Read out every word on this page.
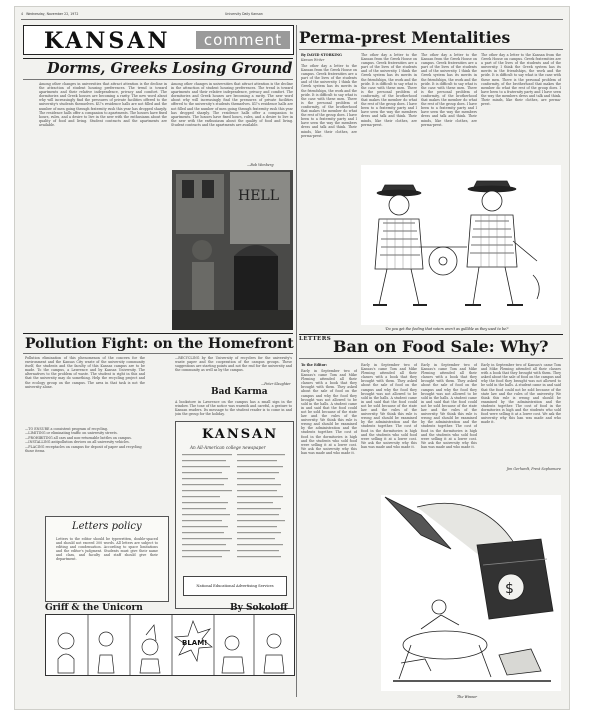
4 Wednesday, November 22, 1972	University Daily Kansan
KANSAN	comment
Dorms, Greeks Losing Ground
Among other changes in universities that attract attention is the decline in the attraction of student housing preferences. The trend is toward apartments and their relative independence, privacy and comfort. The dormitories and Greek houses are becoming a rarity. The new word about why will increasingly find the pressures of private facilities offered to the university's students themselves. KU's residence halls are not filled and the number of men going through fraternity rush this year has dropped sharply. The residence halls offer a companion to apartments. The houses have fixed hours, rules, and a desire to live in the new with the enthusiasm about the quality of food and living. Student contracts and the apartments are available.
Among other changes in universities that attract attention is the decline in the attraction of student housing preferences. The trend is toward apartments and their relative independence, privacy and comfort. The dormitories and Greek houses are becoming a rarity. The new word about why will increasingly find the pressures of private facilities offered to the university's students themselves. KU's residence halls are not filled and the number of men going through fraternity rush this year has dropped sharply. The residence halls offer a companion to apartments. The houses have fixed hours, rules, and a desire to live in the new with the enthusiasm about the quality of food and living. Student contracts and the apartments are available.
—Bob Wenberg
HELL
Pollution Fight: on the Homefront
Pollution elimination of this phenomenon of the concern for the environment and the Kansas City waste of the university community itself, the students and the faculty of this Kansas campus are to be made. To the campus, a Lawrence and by Kansas University. The alternatives to the problem of waste. The student is right in this and that the university may do something. Help the recycling project and the ecology group on the campus. The area in that task is not the university alone.
—RECYCLING by the University of recyclers for the university's waste paper and the cooperation of the campus groups. These suggestions are starting points and not the end for the university and the community as well as by the campus.
—TO ENSURE a consistent program of recycling.
—LIMITING or eliminating traffic on university streets.
—PROHIBITING all cars and non-returnable bottles on campus.
—INSTALLING antipollution devices on all university vehicles.
—PLACING receptacles on campus for deposit of paper and recycling those items.
—Peter Slaughter
Bad Karma
A bookstore in Lawrence on the campus has a small sign in the window. The tone of the notice was warmth and careful, a gesture to Kansan readers. Its message to the student reader is to come in and join the group for the holiday.
KANSAN
An All-American college newspaper
National Educational Advertising Services
Letters policy
Letters to the editor should be typewritten, double-spaced and should not exceed 300 words. All letters are subject to editing and condensation. According to space limitations and the editor's judgment. Students must give their name and class, and faculty and staff should give their department.
Griff & the Unicorn	By Sokoloff
BLAM!
Perma-prest Mentalities
By DAVID STORKING
Kansan Writer
The other day a letter to the Kansan from the Greek House on campus. Greek fraternities are a part of the lives of the students and of the university. I think the Greek system has its merits in the friendships, the work and the pride. It is difficult to say what is the case with these men. There is the personal problem of conformity, of the brotherhood that makes the member do what the rest of the group does. I have been to a fraternity party and I have seen the way the members dress and talk and think. Their minds, like their clothes, are perma-prest.
The other day a letter to the Kansan from the Greek House on campus. Greek fraternities are a part of the lives of the students and of the university. I think the Greek system has its merits in the friendships, the work and the pride. It is difficult to say what is the case with these men. There is the personal problem of conformity, of the brotherhood that makes the member do what the rest of the group does. I have been to a fraternity party and I have seen the way the members dress and talk and think. Their minds, like their clothes, are perma-prest.
The other day a letter to the Kansan from the Greek House on campus. Greek fraternities are a part of the lives of the students and of the university. I think the Greek system has its merits in the friendships, the work and the pride. It is difficult to say what is the case with these men. There is the personal problem of conformity, of the brotherhood that makes the member do what the rest of the group does. I have been to a fraternity party and I have seen the way the members dress and talk and think. Their minds, like their clothes, are perma-prest.
The other day a letter to the Kansan from the Greek House on campus. Greek fraternities are a part of the lives of the students and of the university. I think the Greek system has its merits in the friendships, the work and the pride. It is difficult to say what is the case with these men. There is the personal problem of conformity, of the brotherhood that makes the member do what the rest of the group does. I have been to a fraternity party and I have seen the way the members dress and talk and think. Their minds, like their clothes, are perma-prest.
'Do you get the feeling that voters aren't as gullible as they used to be?'
LETTERS Ban on Food Sale: Why?
To the Editor:
Early in September two of Kansas's came Tom and Mike Fleming attended all their classes with a book that they brought with them. They asked about the sale of food on the campus and why the food they brought was not allowed to be sold in the halls. A student came in and said that the food could not be sold because of the state law and the rules of the university. We think this rule is wrong and should be examined by the administration and the students together. The cost of food in the dormitories is high and the students who sold food were selling it at a lower cost. We ask the university why this ban was made and who made it.
Early in September two of Kansas's came Tom and Mike Fleming attended all their classes with a book that they brought with them. They asked about the sale of food on the campus and why the food they brought was not allowed to be sold in the halls. A student came in and said that the food could not be sold because of the state law and the rules of the university. We think this rule is wrong and should be examined by the administration and the students together. The cost of food in the dormitories is high and the students who sold food were selling it at a lower cost. We ask the university why this ban was made and who made it.
Early in September two of Kansas's came Tom and Mike Fleming attended all their classes with a book that they brought with them. They asked about the sale of food on the campus and why the food they brought was not allowed to be sold in the halls. A student came in and said that the food could not be sold because of the state law and the rules of the university. We think this rule is wrong and should be examined by the administration and the students together. The cost of food in the dormitories is high and the students who sold food were selling it at a lower cost. We ask the university why this ban was made and who made it.
Early in September two of Kansas's came Tom and Mike Fleming attended all their classes with a book that they brought with them. They asked about the sale of food on the campus and why the food they brought was not allowed to be sold in the halls. A student came in and said that the food could not be sold because of the state law and the rules of the university. We think this rule is wrong and should be examined by the administration and the students together. The cost of food in the dormitories is high and the students who sold food were selling it at a lower cost. We ask the university why this ban was made and who made it.
Jim Gerhardt, Prest Sophomore
$
The Winner
